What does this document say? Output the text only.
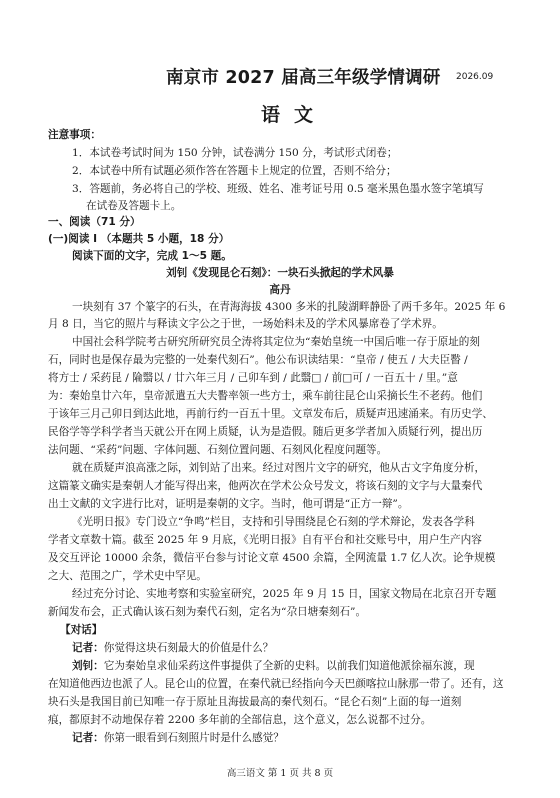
南京市 2027 届高三年级学情调研 2026.09
语文
注意事项：
1．本试卷考试时间为 150 分钟，试卷满分 150 分，考试形式闭卷；
2．本试卷中所有试题必须作答在答题卡上规定的位置，否则不给分；
3．答题前，务必将自己的学校、班级、姓名、准考证号用 0.5 毫米黑色墨水签字笔填写
在试卷及答题卡上。
一、阅读（71 分）
(一)阅读 I （本题共 5 小题，18 分）
阅读下面的文字，完成 1～5 题。
刘钊《发现昆仑石刻》：一块石头掀起的学术风暴
高丹
一块刻有 37 个篆字的石头，在青海海拔 4300 多米的扎陵湖畔静卧了两千多年。2025 年 6
月 8 日，当它的照片与释读文字公之于世，一场始料未及的学术风暴席卷了学术界。
中国社会科学院考古研究所研究员仝涛将其定位为“秦始皇统一中国后唯一存于原址的刻
石，同时也是保存最为完整的一处秦代刻石”。他公布识读结果：“皇帝 / 使五 / 大夫臣䁿 /
将方士 / 采药昆 / 陯翳以 / 廿六年三月 / 己卯车到 / 此翳□ / 前□可 / 一百五十 / 里。”意
为：秦始皇廿六年，皇帝派遣五大夫䁿率领一些方士，乘车前往昆仑山采摘长生不老药。他们
于该年三月己卯日到达此地，再前行约一百五十里。文章发布后，质疑声迅速涌来。有历史学、
民俗学等学科学者当天就公开在网上质疑，认为是造假。随后更多学者加入质疑行列，提出历
法问题、“采药”问题、字体问题、石刻位置问题、石刻风化程度问题等。
就在质疑声浪高涨之际，刘钊站了出来。经过对图片文字的研究，他从古文字角度分析，
这篇篆文确实是秦朝人才能写得出来，他两次在学术公众号发文，将该石刻的文字与大量秦代
出土文献的文字进行比对，证明是秦朝的文字。当时，他可谓是“正方一辩”。
《光明日报》专门设立“争鸣”栏目，支持和引导围绕昆仑石刻的学术辩论，发表各学科
学者文章数十篇。截至 2025 年 9 月底，《光明日报》自有平台和社交账号中，用户生产内容
及交互评论 10000 余条，微信平台参与讨论文章 4500 余篇，全网流量 1.7 亿人次。论争规模
之大、范围之广，学术史中罕见。
经过充分讨论、实地考察和实验室研究，2025 年 9 月 15 日，国家文物局在北京召开专题
新闻发布会，正式确认该石刻为秦代石刻，定名为“尕日塘秦刻石”。
【对话】
记者：你觉得这块石刻最大的价值是什么？
刘钊：它为秦始皇求仙采药这件事提供了全新的史料。以前我们知道他派徐福东渡，现
在知道他西边也派了人。昆仑山的位置，在秦代就已经指向今天巴颜喀拉山脉那一带了。还有，这
块石头是我国目前已知唯一存于原址且海拔最高的秦代刻石。“昆仑石刻”上面的每一道刻
痕，都原封不动地保存着 2200 多年前的全部信息，这个意义，怎么说都不过分。
记者：你第一眼看到石刻照片时是什么感觉？
高三语文 第 1 页 共 8 页
